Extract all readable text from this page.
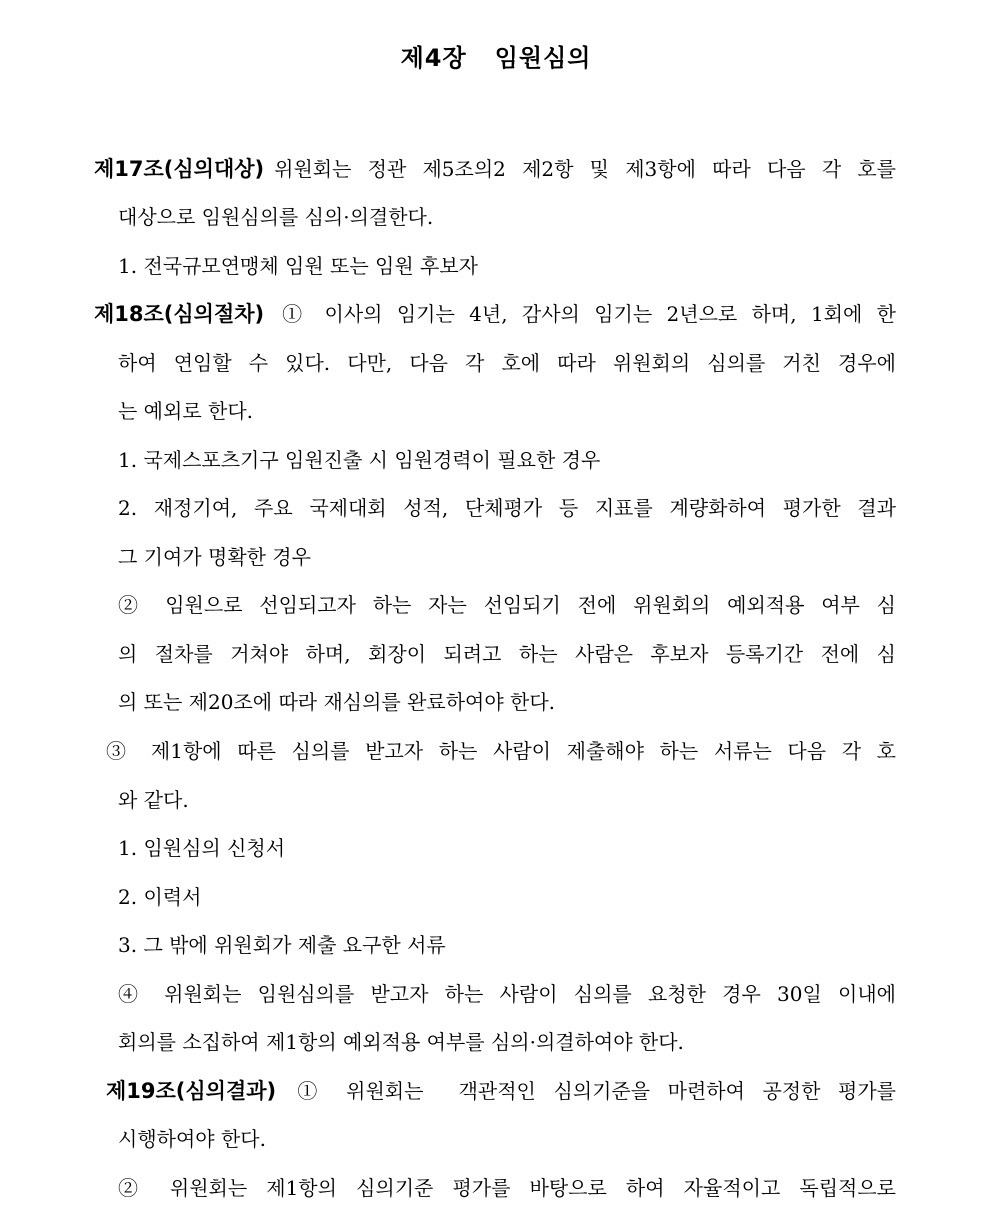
제4장   임원심의
제17조(심의대상) 위원회는 정관 제5조의2 제2항 및 제3항에 따라 다음 각 호를
대상으로 임원심의를 심의·의결한다.
1. 전국규모연맹체 임원 또는 임원 후보자
제18조(심의절차) ① 이사의 임기는 4년, 감사의 임기는 2년으로 하며, 1회에 한
하여 연임할 수 있다. 다만, 다음 각 호에 따라 위원회의 심의를 거친 경우에
는 예외로 한다.
1. 국제스포츠기구 임원진출 시 임원경력이 필요한 경우
2. 재정기여, 주요 국제대회 성적, 단체평가 등 지표를 계량화하여 평가한 결과
그 기여가 명확한 경우
② 임원으로 선임되고자 하는 자는 선임되기 전에 위원회의 예외적용 여부 심
의 절차를 거쳐야 하며, 회장이 되려고 하는 사람은 후보자 등록기간 전에 심
의 또는 제20조에 따라 재심의를 완료하여야 한다.
③ 제1항에 따른 심의를 받고자 하는 사람이 제출해야 하는 서류는 다음 각 호
와 같다.
1. 임원심의 신청서
2. 이력서
3. 그 밖에 위원회가 제출 요구한 서류
④ 위원회는 임원심의를 받고자 하는 사람이 심의를 요청한 경우 30일 이내에
회의를 소집하여 제1항의 예외적용 여부를 심의·의결하여야 한다.
제19조(심의결과) ① 위원회는  객관적인 심의기준을 마련하여 공정한 평가를
시행하여야 한다.
② 위원회는 제1항의 심의기준 평가를 바탕으로 하여 자율적이고 독립적으로
